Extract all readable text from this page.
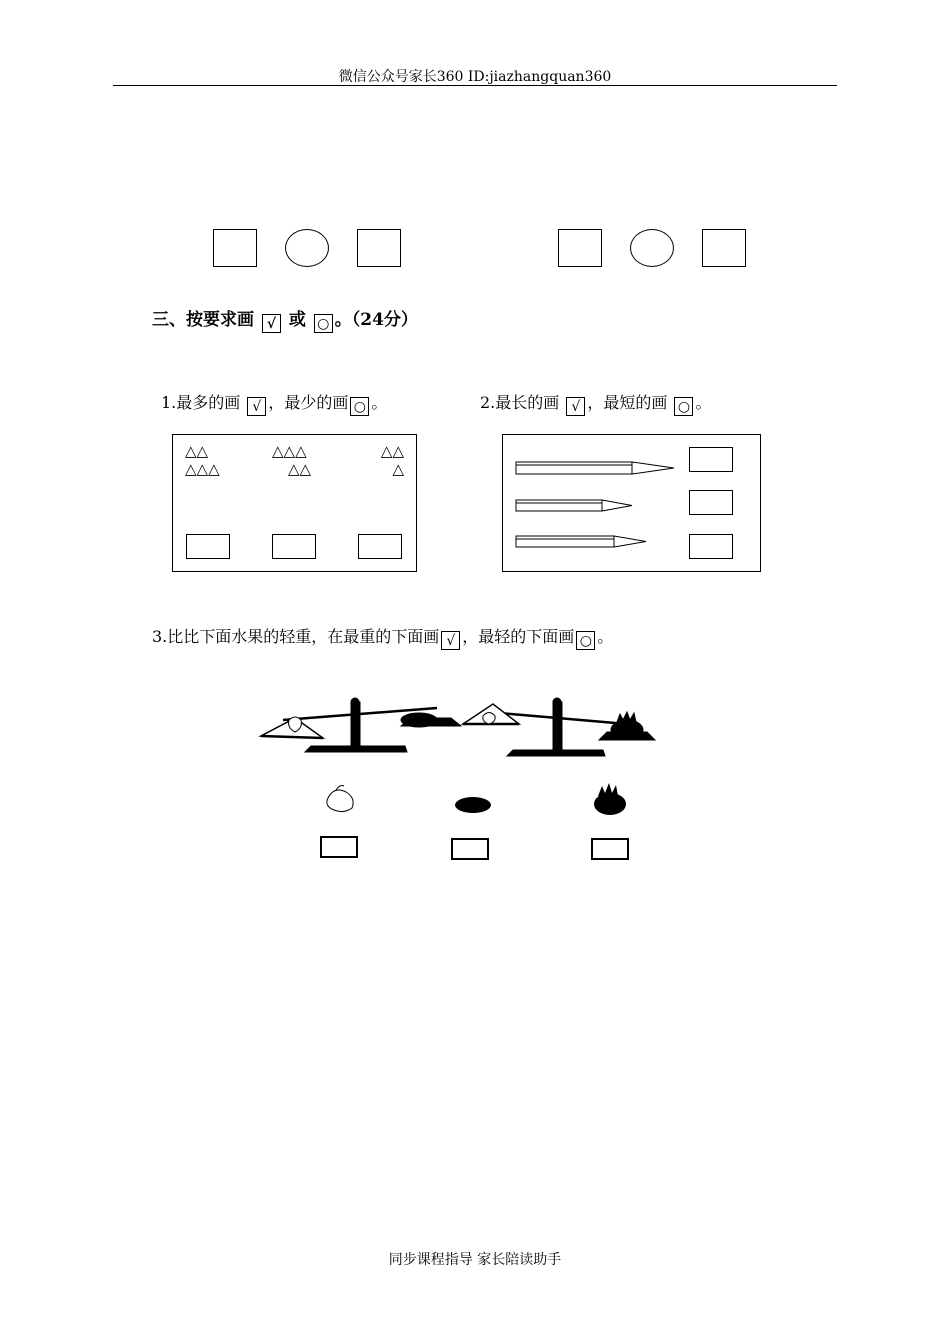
微信公众号家长360 ID:jiazhangquan360
三、按要求画 √ 或 ○ 。（24分）
1.最多的画 √ ，最少的画 ○ 。	2.最长的画 √ ，最短的画 ○ 。
△△
△△△
△△△
△△
△△
△
3.比比下面水果的轻重，在最重的下面画 √ ，最轻的下面画 ○ 。
同步课程指导 家长陪读助手
